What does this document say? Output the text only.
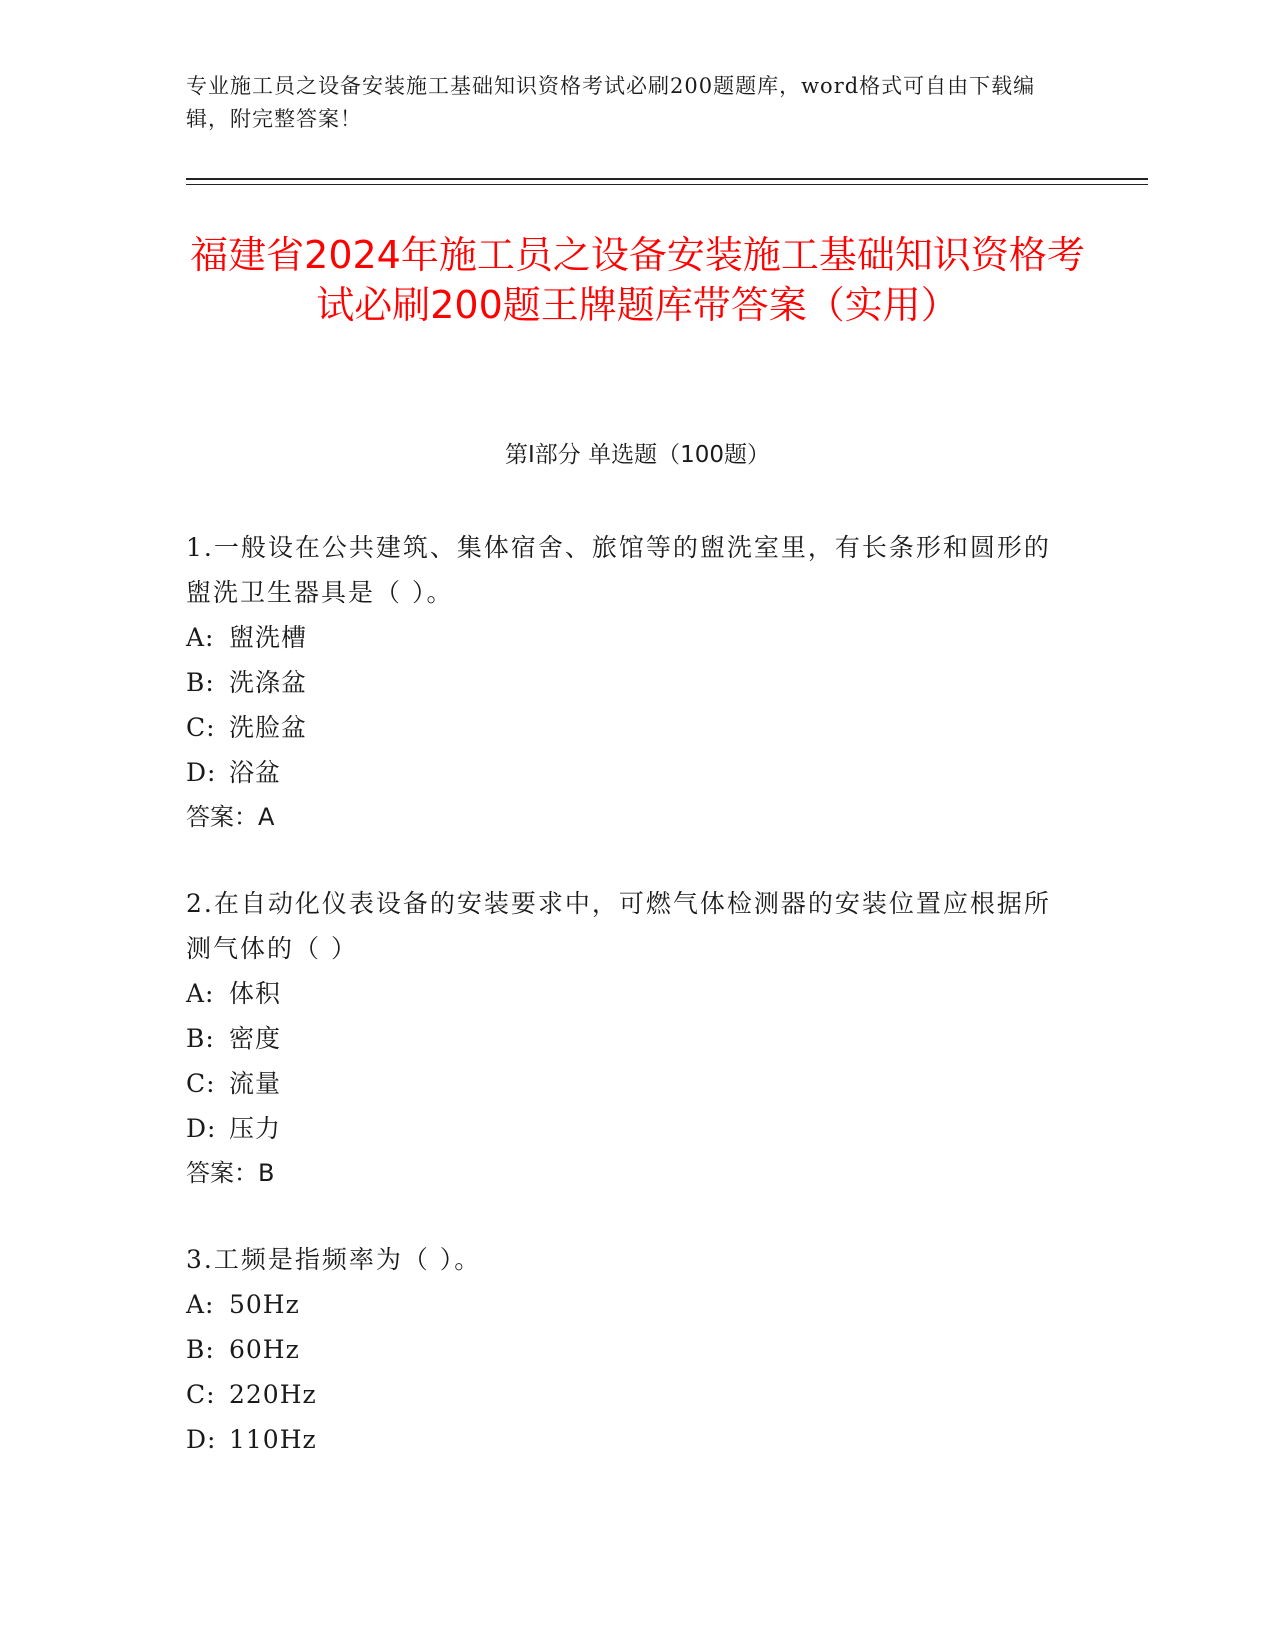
专业施工员之设备安装施工基础知识资格考试必刷200题题库，word格式可自由下载编辑，附完整答案！
福建省2024年施工员之设备安装施工基础知识资格考试必刷200题王牌题库带答案（实用）
第I部分 单选题（100题）
1.一般设在公共建筑、集体宿舍、旅馆等的盥洗室里，有长条形和圆形的盥洗卫生器具是（ ）。
A: 盥洗槽
B: 洗涤盆
C: 洗脸盆
D: 浴盆
答案：A
2.在自动化仪表设备的安装要求中，可燃气体检测器的安装位置应根据所测气体的（ ）
A: 体积
B: 密度
C: 流量
D: 压力
答案：B
3.工频是指频率为（ ）。
A: 50Hz
B: 60Hz
C: 220Hz
D: 110Hz
